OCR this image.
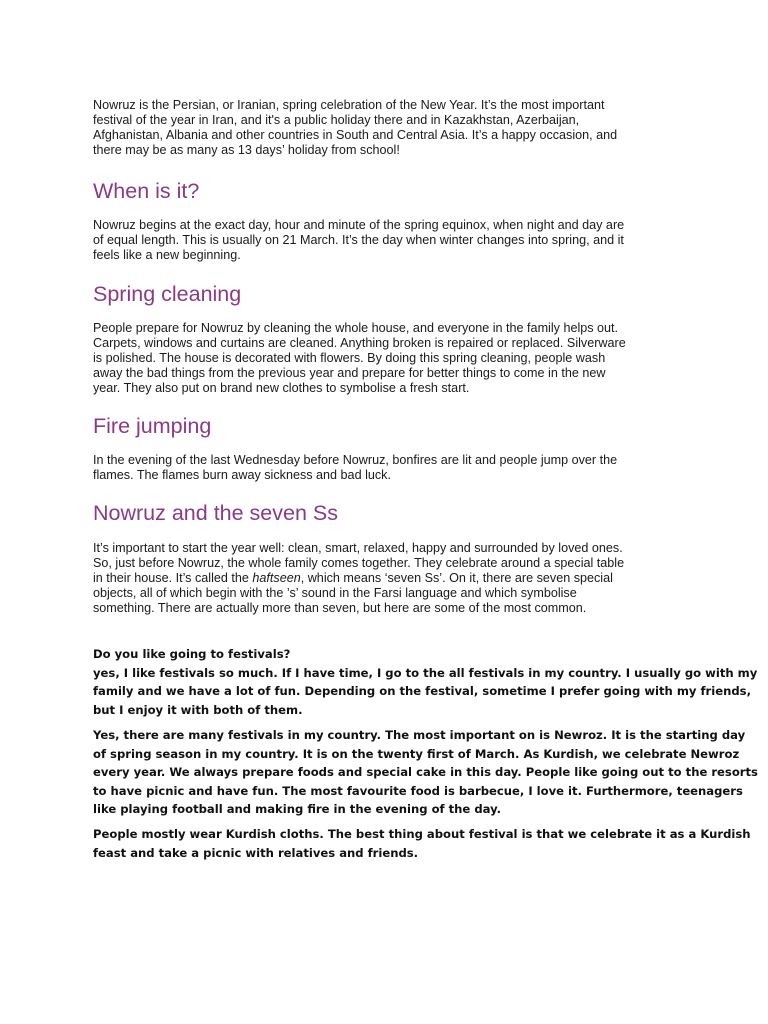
Nowruz is the Persian, or Iranian, spring celebration of the New Year. It’s the most important
festival of the year in Iran, and it's a public holiday there and in Kazakhstan, Azerbaijan,
Afghanistan, Albania and other countries in South and Central Asia. It’s a happy occasion, and
there may be as many as 13 days’ holiday from school!

When is it?

Nowruz begins at the exact day, hour and minute of the spring equinox, when night and day are
of equal length. This is usually on 21 March. It’s the day when winter changes into spring, and it
feels like a new beginning.

Spring cleaning

People prepare for Nowruz by cleaning the whole house, and everyone in the family helps out.
Carpets, windows and curtains are cleaned. Anything broken is repaired or replaced. Silverware
is polished. The house is decorated with flowers. By doing this spring cleaning, people wash
away the bad things from the previous year and prepare for better things to come in the new
year. They also put on brand new clothes to symbolise a fresh start.

Fire jumping

In the evening of the last Wednesday before Nowruz, bonfires are lit and people jump over the
flames. The flames burn away sickness and bad luck.

Nowruz and the seven Ss

It’s important to start the year well: clean, smart, relaxed, happy and surrounded by loved ones.
So, just before Nowruz, the whole family comes together. They celebrate around a special table
in their house. It’s called the haftseen, which means ‘seven Ss’. On it, there are seven special
objects, all of which begin with the ’s’ sound in the Farsi language and which symbolise
something. There are actually more than seven, but here are some of the most common.

Do you like going to festivals?
yes, I like festivals so much. If I have time, I go to the all festivals in my country. I usually go with my
family and we have a lot of fun. Depending on the festival, sometime I prefer going with my friends,
but I enjoy it with both of them.
Yes, there are many festivals in my country. The most important on is Newroz. It is the starting day
of spring season in my country. It is on the twenty first of March. As Kurdish, we celebrate Newroz
every year. We always prepare foods and special cake in this day. People like going out to the resorts
to have picnic and have fun. The most favourite food is barbecue, I love it. Furthermore, teenagers
like playing football and making fire in the evening of the day.
People mostly wear Kurdish cloths. The best thing about festival is that we celebrate it as a Kurdish
feast and take a picnic with relatives and friends.
